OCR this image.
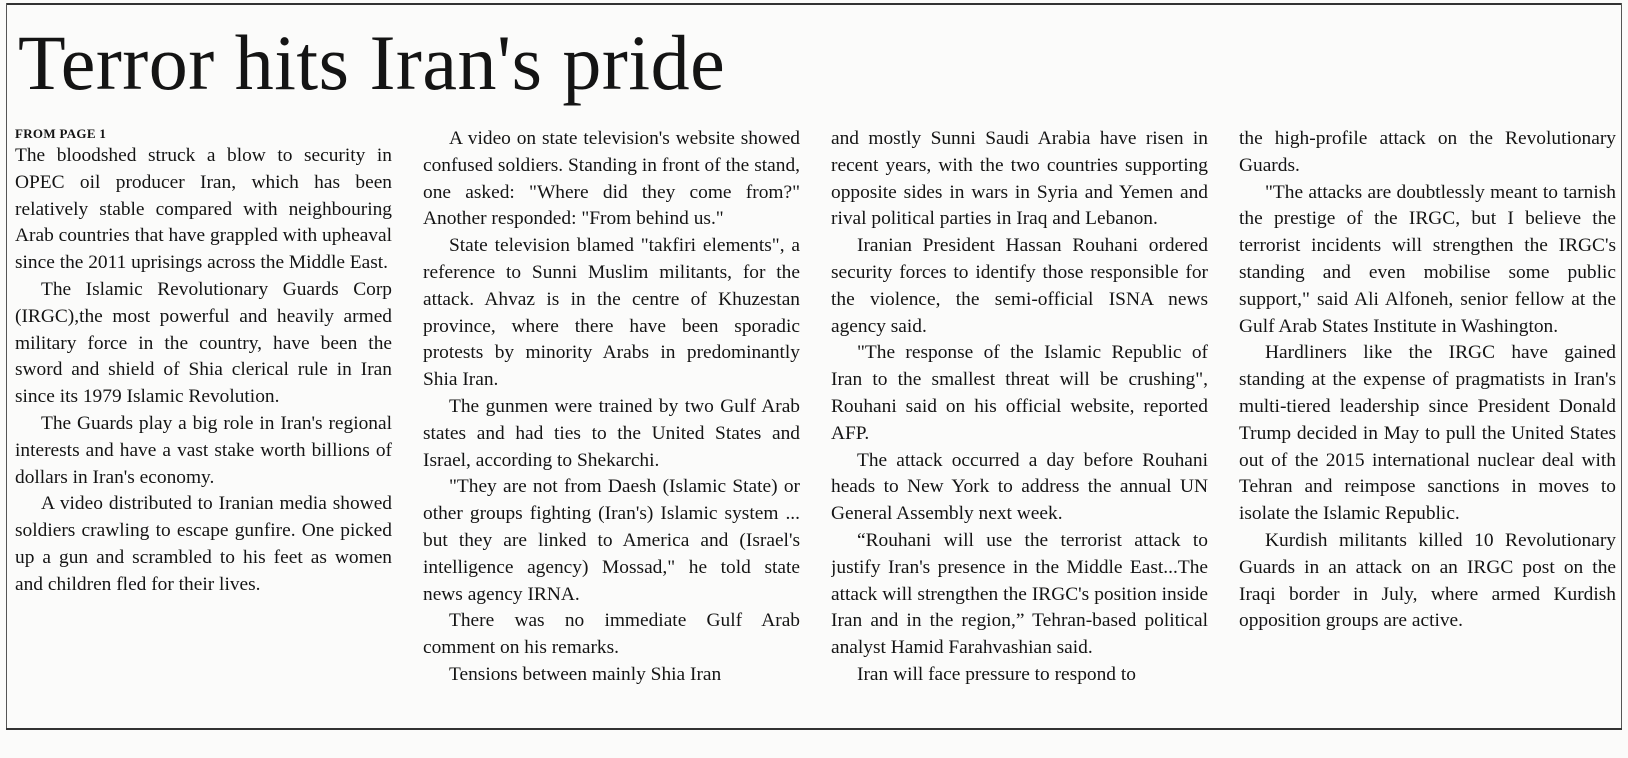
Terror hits Iran's pride
FROM PAGE 1

The bloodshed struck a blow to security in OPEC oil producer Iran, which has been relatively stable compared with neighbouring Arab countries that have grappled with upheaval since the 2011 uprisings across the Middle East.

The Islamic Revolutionary Guards Corp (IRGC),the most powerful and heavily armed military force in the country, have been the sword and shield of Shia clerical rule in Iran since its 1979 Islamic Revolution.

The Guards play a big role in Iran's regional interests and have a vast stake worth billions of dollars in Iran's economy.

A video distributed to Iranian media showed soldiers crawling to escape gunfire. One picked up a gun and scrambled to his feet as women and children fled for their lives.

A video on state television's website showed confused soldiers. Standing in front of the stand, one asked: "Where did they come from?" Another responded: "From behind us."

State television blamed "takfiri elements", a reference to Sunni Muslim militants, for the attack. Ahvaz is in the centre of Khuzestan province, where there have been sporadic protests by minority Arabs in predominantly Shia Iran.

The gunmen were trained by two Gulf Arab states and had ties to the United States and Israel, according to Shekarchi.

"They are not from Daesh (Islamic State) or other groups fighting (Iran's) Islamic system ... but they are linked to America and (Israel's intelligence agency) Mossad," he told state news agency IRNA.

There was no immediate Gulf Arab comment on his remarks.

Tensions between mainly Shia Iran

and mostly Sunni Saudi Arabia have risen in recent years, with the two countries supporting opposite sides in wars in Syria and Yemen and rival political parties in Iraq and Lebanon.

Iranian President Hassan Rouhani ordered security forces to identify those responsible for the violence, the semi-official ISNA news agency said.

"The response of the Islamic Republic of Iran to the smallest threat will be crushing", Rouhani said on his official website, reported AFP.

The attack occurred a day before Rouhani heads to New York to address the annual UN General Assembly next week.

“Rouhani will use the terrorist attack to justify Iran's presence in the Middle East...The attack will strengthen the IRGC's position inside Iran and in the region,” Tehran-based political analyst Hamid Farahvashian said.

Iran will face pressure to respond to

the high-profile attack on the Revolutionary Guards.

"The attacks are doubtlessly meant to tarnish the prestige of the IRGC, but I believe the terrorist incidents will strengthen the IRGC's standing and even mobilise some public support," said Ali Alfoneh, senior fellow at the Gulf Arab States Institute in Washington.

Hardliners like the IRGC have gained standing at the expense of pragmatists in Iran's multi-tiered leadership since President Donald Trump decided in May to pull the United States out of the 2015 international nuclear deal with Tehran and reimpose sanctions in moves to isolate the Islamic Republic.

Kurdish militants killed 10 Revolutionary Guards in an attack on an IRGC post on the Iraqi border in July, where armed Kurdish opposition groups are active.
